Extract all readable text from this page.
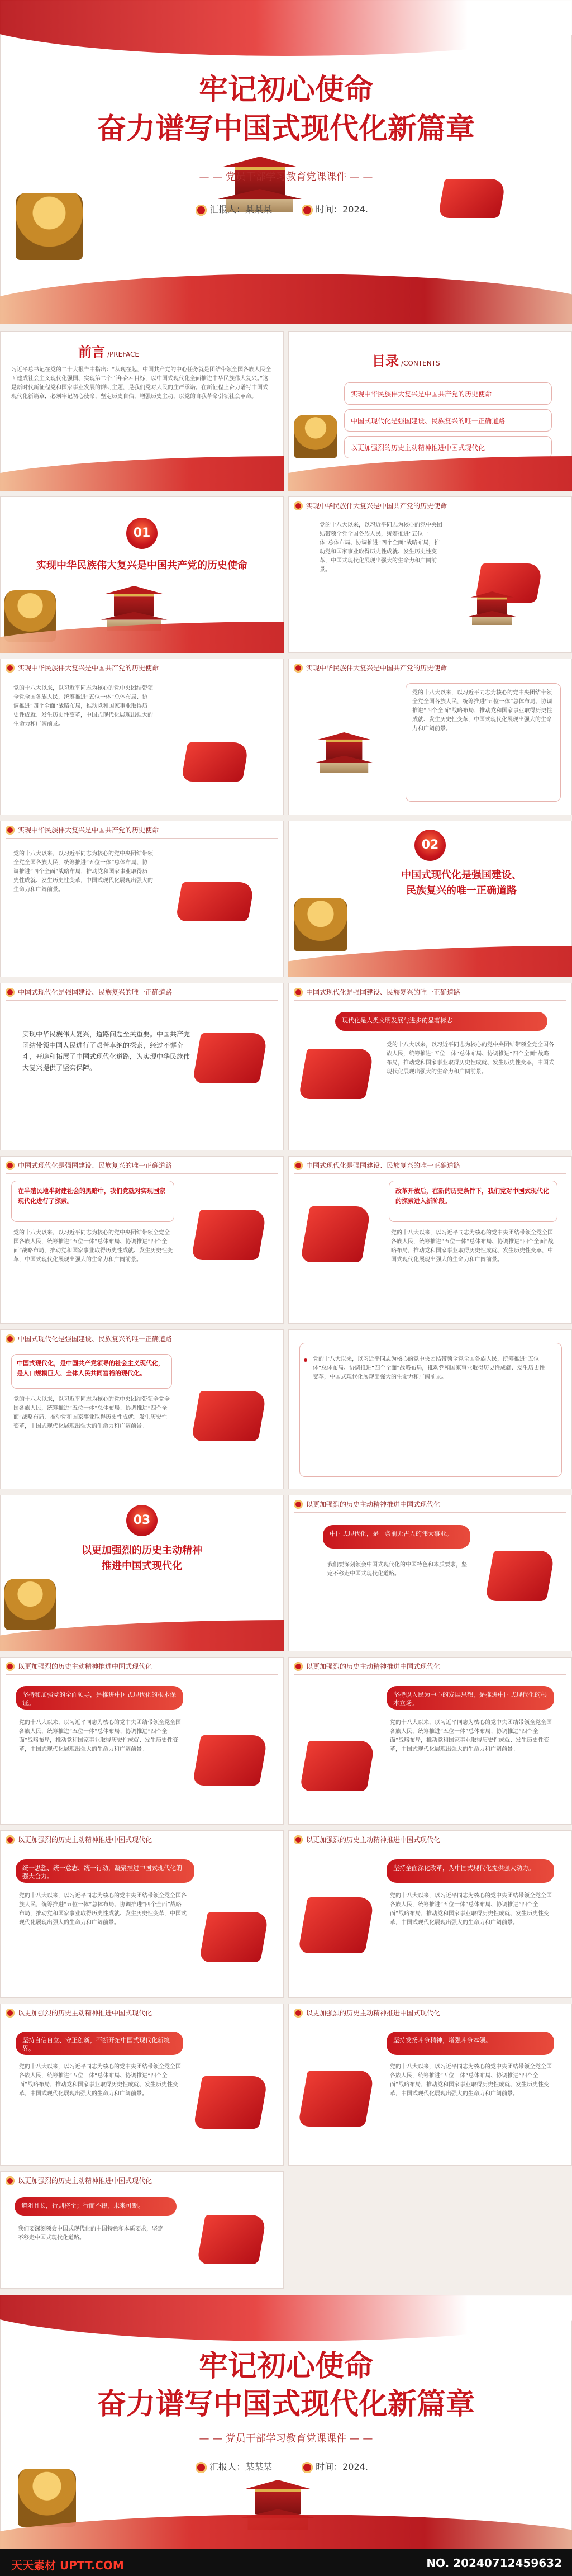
牢记初心使命
奋力谱写中国式现代化新篇章
— — 党员干部学习教育党课课件 — —
汇报人：某某某	时间：2024.
前言 /PREFACE
习近平总书记在党的二十大报告中指出：“从现在起，中国共产党的中心任务就是团结带领全国各族人民全面建成社会主义现代化强国、实现第二个百年奋斗目标，以中国式现代化全面推进中华民族伟大复兴。”这是新时代新征程党和国家事业发展的鲜明主题，是我们党对人民的庄严承诺。在新征程上奋力谱写中国式现代化新篇章，必须牢记初心使命，坚定历史自信，增强历史主动，以党的自我革命引领社会革命。
目录 /CONTENTS
实现中华民族伟大复兴是中国共产党的历史使命
中国式现代化是强国建设、民族复兴的唯一正确道路
以更加强烈的历史主动精神推进中国式现代化
01
实现中华民族伟大复兴是中国共产党的历史使命
实现中华民族伟大复兴是中国共产党的历史使命
党的十八大以来，以习近平同志为核心的党中央团结带领全党全国各族人民，统筹推进“五位一体”总体布局、协调推进“四个全面”战略布局，推动党和国家事业取得历史性成就、发生历史性变革，中国式现代化展现出强大的生命力和广阔前景。
实现中华民族伟大复兴是中国共产党的历史使命
党的十八大以来，以习近平同志为核心的党中央团结带领全党全国各族人民，统筹推进“五位一体”总体布局、协调推进“四个全面”战略布局，推动党和国家事业取得历史性成就、发生历史性变革，中国式现代化展现出强大的生命力和广阔前景。
实现中华民族伟大复兴是中国共产党的历史使命
党的十八大以来，以习近平同志为核心的党中央团结带领全党全国各族人民，统筹推进“五位一体”总体布局、协调推进“四个全面”战略布局，推动党和国家事业取得历史性成就、发生历史性变革，中国式现代化展现出强大的生命力和广阔前景。
实现中华民族伟大复兴是中国共产党的历史使命
党的十八大以来，以习近平同志为核心的党中央团结带领全党全国各族人民，统筹推进“五位一体”总体布局、协调推进“四个全面”战略布局，推动党和国家事业取得历史性成就、发生历史性变革，中国式现代化展现出强大的生命力和广阔前景。
02
中国式现代化是强国建设、
民族复兴的唯一正确道路
中国式现代化是强国建设、民族复兴的唯一正确道路
实现中华民族伟大复兴，道路问题至关重要。中国共产党团结带领中国人民进行了艰苦卓绝的探索，经过不懈奋斗，开辟和拓展了中国式现代化道路，为实现中华民族伟大复兴提供了坚实保障。
中国式现代化是强国建设、民族复兴的唯一正确道路
现代化是人类文明发展与进步的显著标志
党的十八大以来，以习近平同志为核心的党中央团结带领全党全国各族人民，统筹推进“五位一体”总体布局、协调推进“四个全面”战略布局，推动党和国家事业取得历史性成就、发生历史性变革，中国式现代化展现出强大的生命力和广阔前景。
中国式现代化是强国建设、民族复兴的唯一正确道路
在半殖民地半封建社会的黑暗中，我们党就对实现国家现代化进行了探索。
党的十八大以来，以习近平同志为核心的党中央团结带领全党全国各族人民，统筹推进“五位一体”总体布局、协调推进“四个全面”战略布局，推动党和国家事业取得历史性成就、发生历史性变革，中国式现代化展现出强大的生命力和广阔前景。
中国式现代化是强国建设、民族复兴的唯一正确道路
改革开放后，在新的历史条件下，我们党对中国式现代化的探索进入新阶段。
党的十八大以来，以习近平同志为核心的党中央团结带领全党全国各族人民，统筹推进“五位一体”总体布局、协调推进“四个全面”战略布局，推动党和国家事业取得历史性成就、发生历史性变革，中国式现代化展现出强大的生命力和广阔前景。
中国式现代化是强国建设、民族复兴的唯一正确道路
中国式现代化，是中国共产党领导的社会主义现代化，是人口规模巨大、全体人民共同富裕的现代化。
党的十八大以来，以习近平同志为核心的党中央团结带领全党全国各族人民，统筹推进“五位一体”总体布局、协调推进“四个全面”战略布局，推动党和国家事业取得历史性成就、发生历史性变革，中国式现代化展现出强大的生命力和广阔前景。
党的十八大以来，以习近平同志为核心的党中央团结带领全党全国各族人民，统筹推进“五位一体”总体布局、协调推进“四个全面”战略布局，推动党和国家事业取得历史性成就、发生历史性变革，中国式现代化展现出强大的生命力和广阔前景。
03
以更加强烈的历史主动精神
推进中国式现代化
以更加强烈的历史主动精神推进中国式现代化
中国式现代化，是一条前无古人的伟大事业。
我们要深刻领会中国式现代化的中国特色和本质要求，坚定不移走中国式现代化道路。
以更加强烈的历史主动精神推进中国式现代化
坚持和加强党的全面领导，是推进中国式现代化的根本保证。
党的十八大以来，以习近平同志为核心的党中央团结带领全党全国各族人民，统筹推进“五位一体”总体布局、协调推进“四个全面”战略布局，推动党和国家事业取得历史性成就、发生历史性变革，中国式现代化展现出强大的生命力和广阔前景。
以更加强烈的历史主动精神推进中国式现代化
坚持以人民为中心的发展思想，是推进中国式现代化的根本立场。
党的十八大以来，以习近平同志为核心的党中央团结带领全党全国各族人民，统筹推进“五位一体”总体布局、协调推进“四个全面”战略布局，推动党和国家事业取得历史性成就、发生历史性变革，中国式现代化展现出强大的生命力和广阔前景。
以更加强烈的历史主动精神推进中国式现代化
统一思想、统一意志、统一行动，凝聚推进中国式现代化的强大合力。
党的十八大以来，以习近平同志为核心的党中央团结带领全党全国各族人民，统筹推进“五位一体”总体布局、协调推进“四个全面”战略布局，推动党和国家事业取得历史性成就、发生历史性变革，中国式现代化展现出强大的生命力和广阔前景。
以更加强烈的历史主动精神推进中国式现代化
坚持全面深化改革，为中国式现代化提供强大动力。
党的十八大以来，以习近平同志为核心的党中央团结带领全党全国各族人民，统筹推进“五位一体”总体布局、协调推进“四个全面”战略布局，推动党和国家事业取得历史性成就、发生历史性变革，中国式现代化展现出强大的生命力和广阔前景。
以更加强烈的历史主动精神推进中国式现代化
坚持自信自立、守正创新，不断开拓中国式现代化新境界。
党的十八大以来，以习近平同志为核心的党中央团结带领全党全国各族人民，统筹推进“五位一体”总体布局、协调推进“四个全面”战略布局，推动党和国家事业取得历史性成就、发生历史性变革，中国式现代化展现出强大的生命力和广阔前景。
以更加强烈的历史主动精神推进中国式现代化
坚持发扬斗争精神，增强斗争本领。
党的十八大以来，以习近平同志为核心的党中央团结带领全党全国各族人民，统筹推进“五位一体”总体布局、协调推进“四个全面”战略布局，推动党和国家事业取得历史性成就、发生历史性变革，中国式现代化展现出强大的生命力和广阔前景。
以更加强烈的历史主动精神推进中国式现代化
道阻且长，行则将至；行而不辍，未来可期。
我们要深刻领会中国式现代化的中国特色和本质要求，坚定不移走中国式现代化道路。
牢记初心使命
奋力谱写中国式现代化新篇章
— — 党员干部学习教育党课课件 — —
汇报人：某某某	时间：2024.
天天素材 UPTT.COM	NO. 20240712459632
